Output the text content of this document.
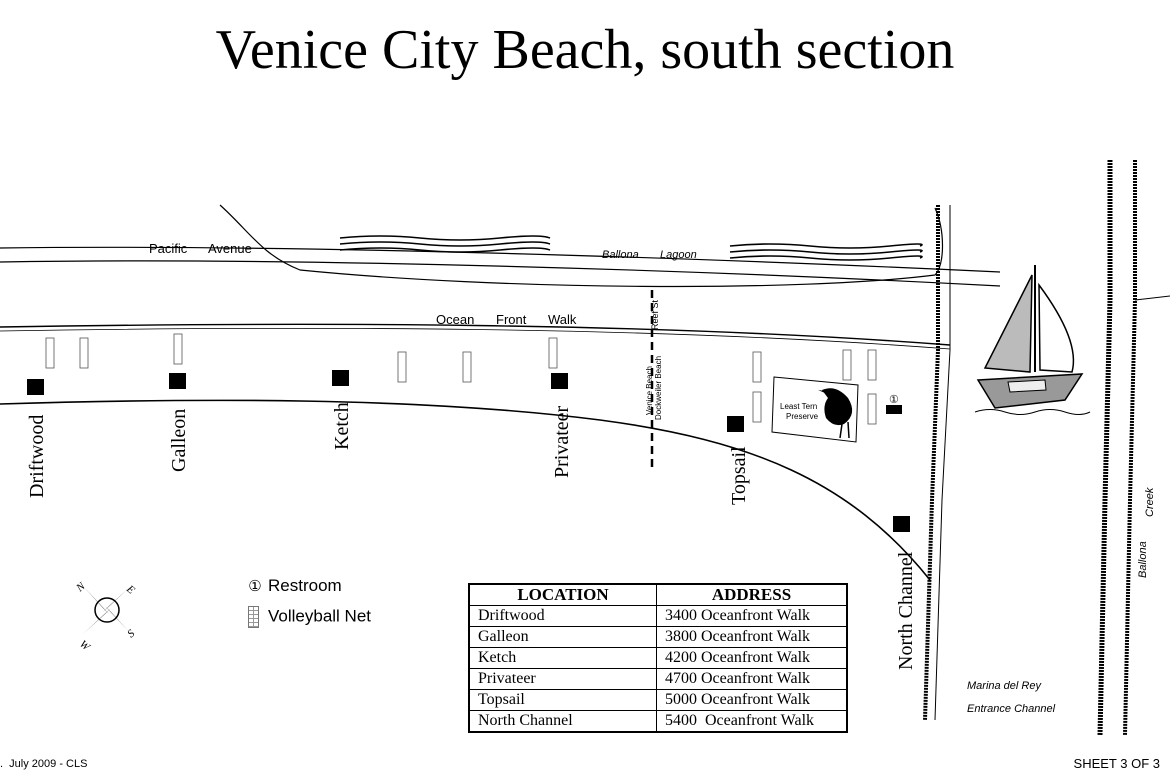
Venice City Beach, south section
Pacific Avenue
Ocean Front Walk	Reef St
Ballona Lagoon
Ballona
Creek
Marina del Rey
Entrance Channel
Venice Beach Dockweiler Beach	Least Tern
Preserve
①
Driftwood	Galleon	Ketch	Privateer	Topsail
North Channel
N	E
S
W
① Restroom
Volleyball Net
LOCATION	ADDRESS
Driftwood	3400 Oceanfront Walk
Galleon	3800 Oceanfront Walk
Ketch	4200 Oceanfront Walk
Privateer	4700 Oceanfront Walk
Topsail	5000 Oceanfront Walk
North Channel	5400  Oceanfront Walk
.  July 2009 - CLS	SHEET 3 OF 3
